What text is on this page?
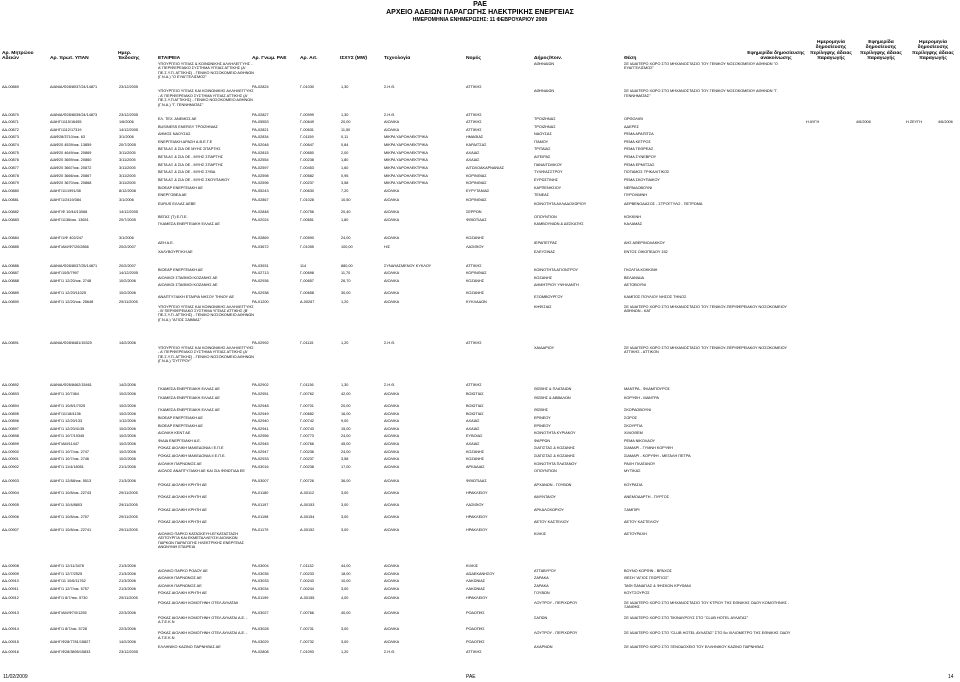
ΡΑΕ
ΑΡΧΕΙΟ ΑΔΕΙΩΝ ΠΑΡΑΓΩΓΗΣ ΗΛΕΚΤΡΙΚΗΣ ΕΝΕΡΓΕΙΑΣ
ΗΜΕΡΟΜΗΝΙΑ ΕΝΗΜΕΡΩΣΗΣ: 11 ΦΕΒΡΟΥΑΡΙΟΥ 2009
Αρ. Μητρώου Αδειών	Αρ. πρωτ. ΥΠΑΝ
Ημερ. Έκδοσης	ΕΤΑΙΡΕΙΑ	Αρ. Γνωμ. ΡΑΕ	Αρ. Αιτ.	ΙΣΧΥΣ (MW)	Τεχνολογία	Νομός	Δήμος/Κοιν.	Θέση
Εφημερίδα δημοσίευσης ανακοίνωσης
Ημερομηνία δημοσίευσης περίληψης άδειας παραγωγής
Εφημερίδα δημοσίευσης περίληψης άδειας παραγωγής
Ημερομηνία δημοσίευσης περίληψης άδειας παραγωγής
ΑΔ-00869	ΔΙΑΝΙΑ/Φ28/8037/24/14871	23/12/2005
ΥΠΟΥΡΓΕΙΟ ΥΓΕΙΑΣ & ΚΟΙΝΩΝΙΚΗΣ ΑΛΛΗΛΕΓΓΥΗΣ - Α' ΠΕΡΙΦΕΡΕΙΑΚΟ ΣΥΣΤΗΜΑ ΥΓΕΙΑΣ ΑΤΤΙΚΗΣ (Α' ΠΕ.Σ.Υ.Π. ΑΤΤΙΚΗΣ) - ΓΕΝΙΚΟ ΝΟΣΟΚΟΜΕΙΟ ΑΘΗΝΩΝ (Γ.Ν.Α.) "Ο ΕΥΑΓΓΕΛΙΣΜΟΣ"
ΡΑ-02824	Γ-01030	1,30	Σ.Η.Θ.	ΑΤΤΙΚΗΣ
ΑΘΗΝΑΙΩΝ	ΣΕ ΙΔΙΑΙΤΕΡΟ ΧΩΡΟ ΣΤΟ ΜΗΧΑΝΟΣΤΑΣΙΟ ΤΟΥ ΓΕΝΙΚΟΥ ΝΟΣΟΚΟΜΕΙΟΥ ΑΘΗΝΩΝ "Ο ΕΥΑΓΓΕΛΙΣΜΟΣ"
ΑΔ-00870	ΔΙΑΝΙΑ/Φ28/8039/24/14873	23/12/2005
ΥΠΟΥΡΓΕΙΟ ΥΓΕΙΑΣ ΚΑΙ ΚΟΙΝΩΝΙΚΗΣ ΑΛΛΗΛΕΓΓΥΗΣ - Α' ΠΕΡΙΦΕΡΕΙΑΚΟ ΣΥΣΤΗΜΑ ΥΓΕΙΑΣ ΑΤΤΙΚΗΣ (Α' ΠΕ.Σ.Υ.Π ΑΤΤΙΚΗΣ) - ΓΕΝΙΚΟ ΝΟΣΟΚΟΜΕΙΟ ΑΘΗΝΩΝ (Γ.Ν.Α.) "Γ. ΓΕΝΝΗΜΑΤΑΣ"
ΡΑ-02827	Γ-00999	1,30	Σ.Η.Θ.	ΑΤΤΙΚΗΣ
ΑΘΗΝΑΙΩΝ	ΣΕ ΙΔΙΑΙΤΕΡΟ ΧΩΡΟ ΣΤΟ ΜΗΧΑΝΟΣΤΑΣΙΟ ΤΟΥ ΓΕΝΙΚΟΥ ΝΟΣΟΚΟΜΕΙΟΥ ΑΘΗΝΩΝ "Γ. ΓΕΝΝΗΜΑΤΑΣ"
ΑΔ-00871	ΔΙΑΗΓ/1115/16455	1/6/2006
ΕΛ. ΤΕΧ. ΑΝΕΜΟΣ ΑΕ
ΡΑ-05553	Γ-00649	20,00	ΑΙΟΛΙΚΑ	ΑΤΤΙΚΗΣ
ΤΡΟΙΖΗΝΑΣ	ΟΡΘΟΛΙΘΙ
Η ΑΥΓΗ	4/6/2006	Η ΖΕΥΓΗ	4/6/2006
ΑΔ-00872	ΔΙΑΗΓ/1112/17319	14/12/2005
BUSINESS ENERGY ΤΡΟΙΖΗΝΙΑΣ
ΡΑ-02821	Γ-00631	11,50	ΑΙΟΛΙΚΑ	ΑΤΤΙΚΗΣ
ΤΡΟΙΖΗΝΑΣ	ΑΔΕΡΕΣ
ΑΔ-00873	ΔΙΑΦ28/3710/οικ. 63	3/1/2006
ΔΗΜΟΣ ΝΑΟΥΣΑΣ
ΡΑ-02834	Γ-01159	0,11	ΜΙΚΡΑ ΥΔΡΟΗΛΕΚΤΡΙΚΑ	ΗΜΑΘΙΑΣ
ΝΑΟΥΣΑΣ	ΡΕΜΑ ΑΡΑΠΙΤΣΑ
ΑΔ-00874	ΔΙΑΦ20 4539/οικ. 13859	20/7/2005
ΕΝΕΡΓΕΙΑΚΗ ΔΡΑΣΗ Α.Β.Ε.Τ.Ε
ΡΑ-02048	Γ-00647	0,84	ΜΙΚΡΑ ΥΔΡΟΗΛΕΚΤΡΙΚΑ	ΚΑΡΔΙΤΣΑΣ
ΙΤΑΜΟΥ	ΡΕΜΑ ΚΕΤΡΟΣ
ΑΔ-00875	ΔΙΑΦ20 4649/οικ. 20869	3/11/2005
ΒΕΤΑ ΑΞ & ΣΙΑ ΟΕ ΜΥΗΣ ΣΠΑΡΤΗΣ
ΡΑ-02815	Γ-00650	2,00	ΜΙΚΡΑ ΥΔΡΟΗΛΕΚΤΡΙΚΑ	ΑΧΑΙΑΣ
ΤΡΙΤΑΙΑΣ	ΡΕΜΑ ΤΕΘΡΕΑΣ
ΑΔ-00876	ΔΙΑΦ20 3659/οικ. 20860	3/11/2005
ΒΕΤΑ ΑΞ & ΣΙΑ ΟΕ - ΜΥΗΣ ΣΠΑΡΤΗΣ
ΡΑ-02554	Γ-00238	1,80	ΜΙΚΡΑ ΥΔΡΟΗΛΕΚΤΡΙΚΑ	ΑΧΑΙΑΣ
ΑΙΓΕΙΡΑΣ	ΡΕΜΑ ΣΥΝΕΒΡΟΥ
ΑΔ-00877	ΔΙΑΦ20 3667/οικ. 20872	3/11/2005
ΒΕΤΑ ΑΞ & ΣΙΑ ΟΕ - ΜΥΗΣ ΣΠΑΡΤΗΣ
ΡΑ-02597	Γ-00453	1,60	ΜΙΚΡΑ ΥΔΡΟΗΛΕΚΤΡΙΚΑ	ΑΙΤΩΛΟΑΚΑΡΝΑΝΙΑΣ
ΠΑΝΑΙΤΩΛΙΚΟΥ	ΡΕΜΑ ΕΡΜΙΤΣΑΣ
ΑΔ-00878	ΔΙΑΦ20 3666/οικ. 20867	3/11/2005
ΒΕΤΑ ΑΞ & ΣΙΑ ΟΕ - ΜΥΗΣ ΣΥΒΑ
ΡΑ-02598	Γ-00582	0,95	ΜΙΚΡΑ ΥΔΡΟΗΛΕΚΤΡΙΚΑ	ΚΟΡΙΝΘΙΑΣ
ΤΥΛΙΦΑΣΣΤΡΟΥ	ΠΟΤΑΜΟΣ ΤΡΙΚΑΛΙΤΙΚΟΣ
ΑΔ-00879	ΔΙΑΦ20 3670/οικ. 20868	3/11/2005
ΒΕΤΑ ΑΞ & ΣΙΑ ΟΕ - ΜΥΗΣ ΣΚΟΥΠΑΙΚΟΥ
ΡΑ-02596	Γ-00237	3,58	ΜΙΚΡΑ ΥΔΡΟΗΛΕΚΤΡΙΚΑ	ΚΟΡΙΝΘΙΑΣ
ΕΥΡΩΣΤΙΝΗΣ	ΡΕΜΑ ΣΚΟΥΠΑΙΚΟΥ
ΑΔ-00880	ΔΙΑΗΓ/11/1991/38	8/12/2008
ΒΙΟΕΑΡ ΕΝΕΡΓΕΙΑΚΗ ΑΕ
ΡΑ-05243	Γ-00630	7,20	ΑΙΟΛΙΚΑ	ΕΥΡΥΤΑΝΙΑΣ
ΚΑΡΠΕΝΗΣΙΟΥ	ΝΕΡΑΙΔΟΒΟΥΝΙ
ΑΔ-00881	ΔΙΑΗΓ/1/2419/384	3/1/2006
ΕΝΕΡΓΟΒΕΑ ΑΕ
ΡΑ-02867	Γ-01028	10,50	ΑΙΟΛΙΚΑ	ΚΟΡΙΝΘΙΑΣ
ΤΕΝΕΑΣ	ΠΥΡΟΛΙΜΝΗ
ΑΔ-00882	ΔΙΑΗΓ/Φ 10/44/13068	14/12/2005
EURUS ΕΛΛΑΣ ΑΕΒΕ
ΡΑ-02848	Γ-00756	20,40	ΑΙΟΛΙΚΑ	ΣΕΡΡΩΝ
ΚΟΙΝΟΤΗΤΑ ΑΧΛΑΔΟΧΩΡΙΟΥ	ΔΕΡΒΕΝΟΔΑΣΟΣ - ΣΤΡΟΓΓΥΛΟ - ΠΕΤΡΩΜΑ
ΑΔ-00883	ΔΙΑΗΓ/1136/οικ. 13651	20/7/2005
ΒΕΓΑΣ (Τ) Ε.Π.Ε.
ΡΑ-02024	Γ-00651	1,80	ΑΙΟΛΙΚΑ	ΦΘΙΩΤΙΔΑΣ
ΟΠΟΥΝΤΙΩΝ	ΚΟΚΚΙΝΗ
ΑΔ-00884	ΔΙΑΗΓ/1/Φ 402/247	3/1/2006
ΓΚΑΜΕΣΑ ΕΝΕΡΓΕΙΑΚΗ ΕΛΛΑΣ ΑΕ
ΡΑ-02869	Γ-00590	24,00	ΑΙΟΛΙΚΑ	ΚΟΖΑΝΗΣ
ΚΑΜΒΟΥΝΙΩΝ & ΔΕΣΚΑΤΗΣ	ΚΑΛΑΜΑΣ
ΑΔ-00885	ΔΙΑΗΓ/ΑΜ/Φ7/20/2866	20/2/2007
ΔΕΗ Α.Ε.
ΡΑ-03672	Γ-01055	100,00	Η/Σ	ΛΑΣΙΘΙΟΥ
ΙΕΡΑΠΕΤΡΑΣ	ΑΗΣ ΑΘΕΡΙΝΟΛΑΚΚΟΥ
ΑΔ-00886	ΔΙΑΝΙΑ/Φ28/8037/25/14871	20/2/2007
ΧΑΛΥΒΟΥΡΓΙΚΗ ΑΕ
ΡΑ-03931	114	880,00	ΣΥΝΔΥΑΣΜΕΝΟΥ ΚΥΚΛΟΥ	ΑΤΤΙΚΗΣ
ΕΛΕΥΣΙΝΑΣ	ΕΝΤΟΣ ΟΙΚΟΠΕΔΟΥ 152
ΑΔ-00887	ΔΙΑΗΓ/10/5/7997	14/12/2005
ΒΙΟΕΑΡ ΕΝΕΡΓΕΙΑΚΗ ΑΕ
ΡΑ-02713	Γ-00698	11,70	ΑΙΟΛΙΚΑ	ΚΟΡΙΝΘΙΑΣ
ΚΟΙΝΟΤΗΤΑ ΑΓΙΟΝΤΡΟΥ	ΓΚΟΛΓΙΑ ΚΟΚΚΙΝΗ
ΑΔ-00888	ΔΙΑΗΓ/1 12/20/οικ. 2748	10/2/2006
ΑΙΟΛΙΚΟΙ ΣΤΑΘΜΟΙ ΚΟΖΑΝΗΣ ΑΕ
ΡΑ-02936	Γ-00657	26,70	ΑΙΟΛΙΚΑ	ΚΟΖΑΝΗΣ
ΚΟΖΑΝΗΣ	ΒΕΛΑΝΙΔΙΑ
ΑΔ-00889	ΔΙΑΗΓ/1 12/20/11025	10/2/2006
ΑΙΟΛΙΚΟΙ ΣΤΑΘΜΟΙ ΚΟΖΑΝΗΣ ΑΕ
ΡΑ-02938	Γ-00658	30,00	ΑΙΟΛΙΚΑ	ΚΟΖΑΝΗΣ
ΔΗΜΗΤΡΙΟΥ ΥΨΗΛΑΝΤΗ	ΑΕΤΟΒΟΥΝΙ
ΑΔ-00890	ΔΙΑΗΓ/1 12/20/οικ. 25648	29/11/2005
ΑΝΑΠΤΥΞΙΑΚΗ ΕΤΑΙΡΙΑ ΝΗΣΟΥ ΤΗΝΟΥ ΑΕ
ΡΑ-01200	Α-00267	1,20	ΑΙΟΛΙΚΑ	ΚΥΚΛΑΔΩΝ
ΕΞΩΜΒΟΥΡΓΟΥ	ΚΑΜΠΟΣ ΠΟΥΛΙΟΥ ΝΗΣΟΣ ΤΗΝΟΣ
ΑΔ-00891	ΔΙΑΝΙΑ/Φ28/8481/15320	14/2/2006
ΥΠΟΥΡΓΕΙΟ ΥΓΕΙΑΣ ΚΑΙ ΚΟΙΝΩΝΙΚΗΣ ΑΛΛΗΛΕΓΓΥΗΣ - Β' ΠΕΡΙΦΕΡΕΙΑΚΟ ΣΥΣΤΗΜΑ ΥΓΕΙΑΣ ΑΤΤΙΚΗΣ (Β' ΠΕ.Σ.Υ.Π. ΑΤΤΙΚΗΣ) - ΓΕΝΙΚΟ ΝΟΣΟΚΟΜΕΙΟ ΑΘΗΝΩΝ (Γ.Ν.Α.) "ΑΓΙΟΣ ΣΑΒΒΑΣ"
ΡΑ-02992	Γ-01115	1,20	Σ.Η.Θ.	ΑΤΤΙΚΗΣ
ΚΗΦΙΣΙΑΣ	ΣΕ ΙΔΙΑΙΤΕΡΟ ΧΩΡΟ ΣΤΟ ΜΗΧΑΝΟΣΤΑΣΙΟ ΤΟΥ ΓΕΝΙΚΟΥ-ΠΕΡΙΦΕΡΕΙΑΚΟΥ ΝΟΣΟΚΟΜΕΙΟΥ ΑΘΗΝΩΝ - ΚΑΤ
ΑΔ-00892	ΔΙΑΝΙΑ/Φ28/8462/15461	14/2/2006
ΥΠΟΥΡΓΕΙΟ ΥΓΕΙΑΣ ΚΑΙ ΚΟΙΝΩΝΙΚΗΣ ΑΛΛΗΛΕΓΓΥΗΣ - Α' ΠΕΡΙΦΕΡΕΙΑΚΟ ΣΥΣΤΗΜΑ ΥΓΕΙΑΣ ΑΤΤΙΚΗΣ (Α' ΠΕ.Σ.Υ.Π. ΑΤΤΙΚΗΣ) - ΓΕΝΙΚΟ ΝΟΣΟΚΟΜΕΙΟ ΑΘΗΝΩΝ (Γ.Ν.Α.) "ΣΥΓΓΡΟΥ"
ΡΑ-02902	Γ-01136	1,30	Σ.Η.Θ.	ΑΤΤΙΚΗΣ
ΧΑΙΔΑΡΙΟΥ	ΣΕ ΙΔΙΑΙΤΕΡΟ ΧΩΡΟ ΣΤΟ ΜΗΧΑΝΟΣΤΑΣΙΟ ΤΟΥ ΓΕΝΙΚΟΥ-ΠΕΡΙΦΕΡΕΙΑΚΟΥ ΝΟΣΟΚΟΜΕΙΟΥ ΑΤΤΙΚΗΣ - ΑΤΤΙΚΟΝ
ΑΔ-00893	ΔΙΑΗΓ/1 10/7464	10/2/2006
ΓΚΑΜΕΣΑ ΕΝΕΡΓΕΙΑΚΗ ΕΛΛΑΣ ΑΕ
ΡΑ-02951	Γ-00762	42,00	ΑΙΟΛΙΚΑ	ΒΟΙΩΤΙΑΣ
ΘΙΣΒΗΣ & ΠΛΑΤΑΙΩΝ	ΜΑΝΤΡΑ - ΦΛΑΜΠΟΥΡΟΣ
ΑΔ-00894	ΔΙΑΗΓ/1 10/8/1/7025	10/2/2006
ΓΚΑΜΕΣΑ ΕΝΕΡΓΕΙΑΚΗ ΕΛΛΑΣ ΑΕ
ΡΑ-02948	Γ-00701	20,00	ΑΙΟΛΙΚΑ	ΒΟΙΩΤΙΑΣ
ΘΙΣΒΗΣ & ΑΒΒΑΛΩΝ	ΚΟΡΥΦΗ - ΜΑΝΤΡΑ
ΑΔ-00895	ΔΙΑΗΓ/11/18/4136	10/2/2006
ΓΚΑΜΕΣΑ ΕΝΕΡΓΕΙΑΚΗ ΕΛΛΑΣ ΑΕ
ΡΑ-02949	Γ-00682	16,00	ΑΙΟΛΙΚΑ	ΒΟΙΩΤΙΑΣ
ΘΙΣΒΗΣ	ΣΚΟΡΔΟΒΟΥΝΙ
ΑΔ-00896	ΔΙΑΗΓ/1 12/20/133	1/12/2006
ΒΙΟΕΑΡ ΕΝΕΡΓΕΙΑΚΗ ΑΕ
ΡΑ-02940	Γ-00742	9,00	ΑΙΟΛΙΚΑ	ΑΧΑΙΑΣ
ΕΡΙΝΕΟΥ	ΣΟΡΟΣ
ΑΔ-00897	ΔΙΑΗΓ/1 12/20/4135	10/2/2006
ΒΙΟΕΑΡ ΕΝΕΡΓΕΙΑΚΗ ΑΕ
ΡΑ-02941	Γ-00743	15,00	ΑΙΟΛΙΚΑ	ΑΧΑΙΑΣ
ΕΡΙΝΕΟΥ	ΣΚΟΥΡΤΙΑ
ΑΔ-00898	ΔΙΑΗΓ/1 10/7/19345	10/2/2006
ΑΙΟΛΙΚΗ ΚΕΝΤ ΑΕ
ΡΑ-02956	Γ-00773	24,00	ΑΙΟΛΙΚΑ	ΕΥΒΟΙΑΣ
ΚΟΙΝΟΤΗΤΑ ΚΥΡΙΑΚΟΥ	ΧΙΛΙΟΘΕΜ
ΑΔ-00899	ΔΙΑΗΓ/ΑΜ/11447	10/2/2006
ΦΙΔΙΑ ΕΝΕΡΓΕΙΑΚΗ Α.Ε.
ΡΑ-02945	Γ-00766	45,00	ΑΙΟΛΙΚΑ	ΑΧΑΙΑΣ
ΦΑΡΡΩΝ	ΡΕΜΑ ΝΙΚΟΛΑΟΥ
ΑΔ-00900	ΔΙΑΗΓ/1 10/7/οικ. 2747	10/2/2006
ΡΟΚΑΣ ΑΙΟΛΙΚΗ ΜΑΚΕΔΟΝΙΑ Ι Ε.Π.Ε
ΡΑ-02947	Γ-00236	24,00	ΑΙΟΛΙΚΑ	ΚΟΖΑΝΗΣ
ΣΙΑΤΙΣΤΑΣ & ΚΟΖΑΝΗΣ	ΣΙΑΜΑΡΙ - ΓΥΜΝΗ ΚΟΡΥΦΗ
ΑΔ-00901	ΔΙΑΗΓ/1 10/7/οικ. 2746	10/2/2006
ΡΟΚΑΣ ΑΙΟΛΙΚΗ ΜΑΚΕΔΟΝΙΑ ΙΙ Ε.Π.Ε.
ΡΑ-02933	Γ-00237	3,58	ΑΙΟΛΙΚΑ	ΚΟΖΑΝΗΣ
ΣΙΑΤΙΣΤΑΣ & ΚΟΖΑΝΗΣ	ΣΙΑΜΑΡΙ - ΚΟΡΥΦΗ - ΜΕΓΑΛΗ ΠΕΤΡΑ
ΑΔ-00902	ΔΙΑΗΓ/1 11/4/18051	21/1/2006
ΑΙΟΛΙΚΗ ΠΑΡΝΩΝΟΣ ΑΕ
ΡΑ-03016	Γ-00238	17,00	ΑΙΟΛΙΚΑ	ΑΡΚΑΔΙΑΣ
ΚΟΙΝΟΤΗΤΑ ΠΛΑΤΑΝΟΥ	ΡΑΧΗ ΠΛΑΤΑΝΟΥ
ΑΔ-00903	ΔΙΑΗΓ/1 12/88/οικ. 5513	21/3/2006
ΑΙΟΛΟΣ ΑΝΑΠΤΥΞΙΑΚΗ ΑΕ ΚΑΙ ΣΙΑ ΦΘΙΩΤΙΔΑ ΕΕ
ΡΑ-03007	Γ-00726	36,00	ΑΙΟΛΙΚΑ	ΦΘΙΩΤΙΔΑΣ
ΟΠΟΥΝΤΙΩΝ	ΜΥΤΙΚΑΣ
ΑΔ-00904	ΔΙΑΗΓ/1 10/8/οικ. 22743	29/11/2005
ΡΟΚΑΣ ΑΙΟΛΙΚΗ ΚΡΗΤΗ ΑΕ
ΡΑ-01180	Α-00112	3,00	ΑΙΟΛΙΚΑ	ΗΡΑΚΛΕΙΟΥ
ΑΡΧΑΝΩΝ - ΓΟΥΒΩΝ	ΚΟΥΡΑΣΙΑ
ΑΔ-00905	ΔΙΑΗΓ/1 10/4/8803	29/11/2005
ΡΟΚΑΣ ΑΙΟΛΙΚΗ ΚΡΗΤΗ ΑΕ
ΡΑ-01197	Α-00153	3,00	ΑΙΟΛΙΚΑ	ΛΑΣΙΘΙΟΥ
ΑΜΥΝΤΑΙΟΥ	ΑΝΕΜΟΔΑΡΤΗ - ΠΥΡΓΟΣ
ΑΔ-00906	ΔΙΑΗΓ/1 10/8/οικ. 2757	29/11/2005
ΡΟΚΑΣ ΑΙΟΛΙΚΗ ΚΡΗΤΗ ΑΕ
ΡΑ-01198	Α-00154	3,00	ΑΙΟΛΙΚΑ	ΗΡΑΚΛΕΙΟΥ
ΑΡΚΑΛΟΧΩΡΙΟΥ	ΞΑΜΠΙΡΙ
ΑΔ-00907	ΔΙΑΗΓ/1 10/8/οικ. 22741	29/11/2005
ΡΟΚΑΣ ΑΙΟΛΙΚΗ ΚΡΗΤΗ ΑΕ
ΡΑ-01179	Α-00152	3,00	ΑΙΟΛΙΚΑ	ΗΡΑΚΛΕΙΟΥ
ΑΕΤΟΥ ΚΑΣΤΕΛΙΟΥ	ΑΕΤΟΥ ΚΑΣΤΕΛΙΟΥ
ΑΔ-00908	ΔΙΑΗΓ/1 12/11/3478	21/3/2006
ΑΙΟΛΙΚΟ ΠΑΡΚΟ ΚΑΤΑΣΚΕΥΗ-ΕΓΚΑΤΑΣΤΑΣΗ ΛΕΙΤΟΥΡΓΙΑ ΚΑΙ ΕΚΜΕΤΑΛΛΕΥΣΗ ΑΙΟΛΙΚΩΝ ΠΑΡΚΩΝ ΠΑΡΑΓΩΓΗΣ ΗΛΕΚΤΡΙΚΗΣ ΕΝΕΡΓΕΙΑΣ ΑΝΩΝΥΜΗ ΕΤΑΙΡΕΙΑ
ΡΑ-03004	Γ-01132	44,00	ΑΙΟΛΙΚΑ	ΚΙΛΚΙΣ
ΚΙΛΚΙΣ	ΑΕΤΟΥΡΑΧΗ
ΑΔ-00909	ΔΙΑΗΓ/1 12/7/2525	21/3/2006
ΑΙΟΛΙΚΟ ΠΑΡΚΟ ΡΟΔΟΥ ΑΕ
ΡΑ-03035	Γ-00233	18,00	ΑΙΟΛΙΚΑ	ΔΩΔΕΚΑΝΗΣΟΥ
ΑΤΤΑΒΥΡΟΥ	ΒΟΥΝΟ ΚΟΡΦΙΝ - ΒΡΑΧΟΣ
ΑΔ-00910	ΔΙΑΗΓ/11 10/6/11762	21/3/2006
ΑΙΟΛΙΚΗ ΠΑΡΝΩΝΟΣ ΑΕ
ΡΑ-03033	Γ-00243	10,00	ΑΙΟΛΙΚΑ	ΛΑΚΩΝΙΑΣ
ΖΑΡΑΚΑ	ΘΕΣΗ "ΑΓΙΟΣ ΓΕΩΡΓΙΟΣ"
ΑΔ-00911	ΔΙΑΗΓ/1 12/7/οικ. 5757	21/3/2006
ΑΙΟΛΙΚΗ ΠΑΡΝΩΝΟΣ ΑΕ
ΡΑ-03034	Γ-00244	3,00	ΑΙΟΛΙΚΑ	ΛΑΚΩΝΙΑΣ
ΖΑΡΑΚΑ	ΤΑΦΙ ΠΑΝΑΓΙΑΣ & ΦΗΣΚΟΝ ΚΡΥΦΑΝΙ
ΑΔ-00912	ΔΙΑΗΓ/1 8/7/πικ. 5730	29/11/2005
ΡΟΚΑΣ ΑΙΟΛΙΚΗ ΚΡΗΤΗ ΑΕ
ΡΑ-01199	Α-00155	4,00	ΑΙΟΛΙΚΑ	ΗΡΑΚΛΕΙΟΥ
ΓΟΥΒΩΝ	ΚΟΥΤΣΟΥΡΟΣ
ΑΔ-00913	ΔΙΑΗΓ/ΑΜ/Φ7/0/1255	22/3/2006
ΡΟΚΑΣ ΑΙΟΛΙΚΗ ΚΟΜΟΤΗΝΗ ΟΤΕΛ ΑΥΛΑΤΑΙΙ
ΡΑ-03027	Γ-00766	40,00	ΑΙΟΛΙΚΑ	ΡΟΔΟΠΗΣ
ΛΟΥΤΡΟΥ - ΠΕΡΙΧΩΡΟΥ	ΣΕ ΙΔΙΑΙΤΕΡΟ ΧΩΡΟ ΣΤΟ ΜΗΧΑΝΟΣΤΑΣΙΟ ΤΟΥ ΚΤΡΙΟΥ ΤΗΣ ΕΘΝΙΚΗΣ ΟΔΟΥ ΚΟΜΟΤΗΝΗΣ - ΞΑΝΘΗΣ
ΑΔ-00914	ΔΙΑΗΓ/1 8/7/οικ. 5728	22/3/2006
ΡΟΚΑΣ ΑΙΟΛΙΚΗ ΚΟΜΟΤΗΝΗ ΟΤΕΛ ΑΥΛΑΤΑΙ Α.Ε. - Α.Τ.Ε.Κ.Ν
ΡΑ-03028	Γ-00731	3,00	ΑΙΟΛΙΚΑ	ΡΟΔΟΠΗΣ
ΣΑΠΩΝ	ΣΕ ΙΔΙΑΙΤΕΡΟ ΧΩΡΟ ΣΤΟ ΤΙΚΙΝΑΥΡΟΥΣ ΣΤΟ "CLUB HOTEL ΑΥΛΑΤΑΣ"
ΑΔ-00915	ΔΙΑΗΓ/Φ28/7781/15827	14/2/2006
ΡΟΚΑΣ ΑΙΟΛΙΚΗ ΚΟΜΟΤΗΝΗ ΟΤΕΛ ΑΥΛΑΤΑΙ Α.Ε. - Α.Τ.Ε.Κ.Ν
ΡΑ-03029	Γ-00732	3,00	ΑΙΟΛΙΚΑ	ΡΟΔΟΠΗΣ
ΛΟΥΤΡΟΥ - ΠΕΡΙΧΩΡΟΥ	ΣΕ ΙΔΙΑΙΤΕΡΟ ΧΩΡΟ ΣΤΟ "CLUB HOTEL ΑΥΛΑΤΑΣ" ΣΤΟ 5ο ΧΙΛΙΟΜΕΤΡΟ ΤΗΣ ΕΘΝΙΚΗΣ ΟΔΟΥ
ΑΔ-00916	ΔΙΑΗΓ/Φ28/3895/15833	23/12/2005
ΕΛΛΗΝΙΚΟ ΚΑΖΙΝΟ ΠΑΡΝΗΘΑΣ ΑΕ
ΡΑ-02808	Γ-01093	1,20	Σ.Η.Θ.	ΑΤΤΙΚΗΣ
ΑΧΑΡΝΩΝ	ΣΕ ΙΔΙΑΙΤΕΡΟ ΧΩΡΟ ΣΤΟ ΞΕΝΟΔΟΧΕΙΟ ΤΟΥ ΕΛΛΗΝΙΚΟΥ ΚΑΖΙΝΟ ΠΑΡΝΗΘΑΣ
11/02/2009	PAE	14
